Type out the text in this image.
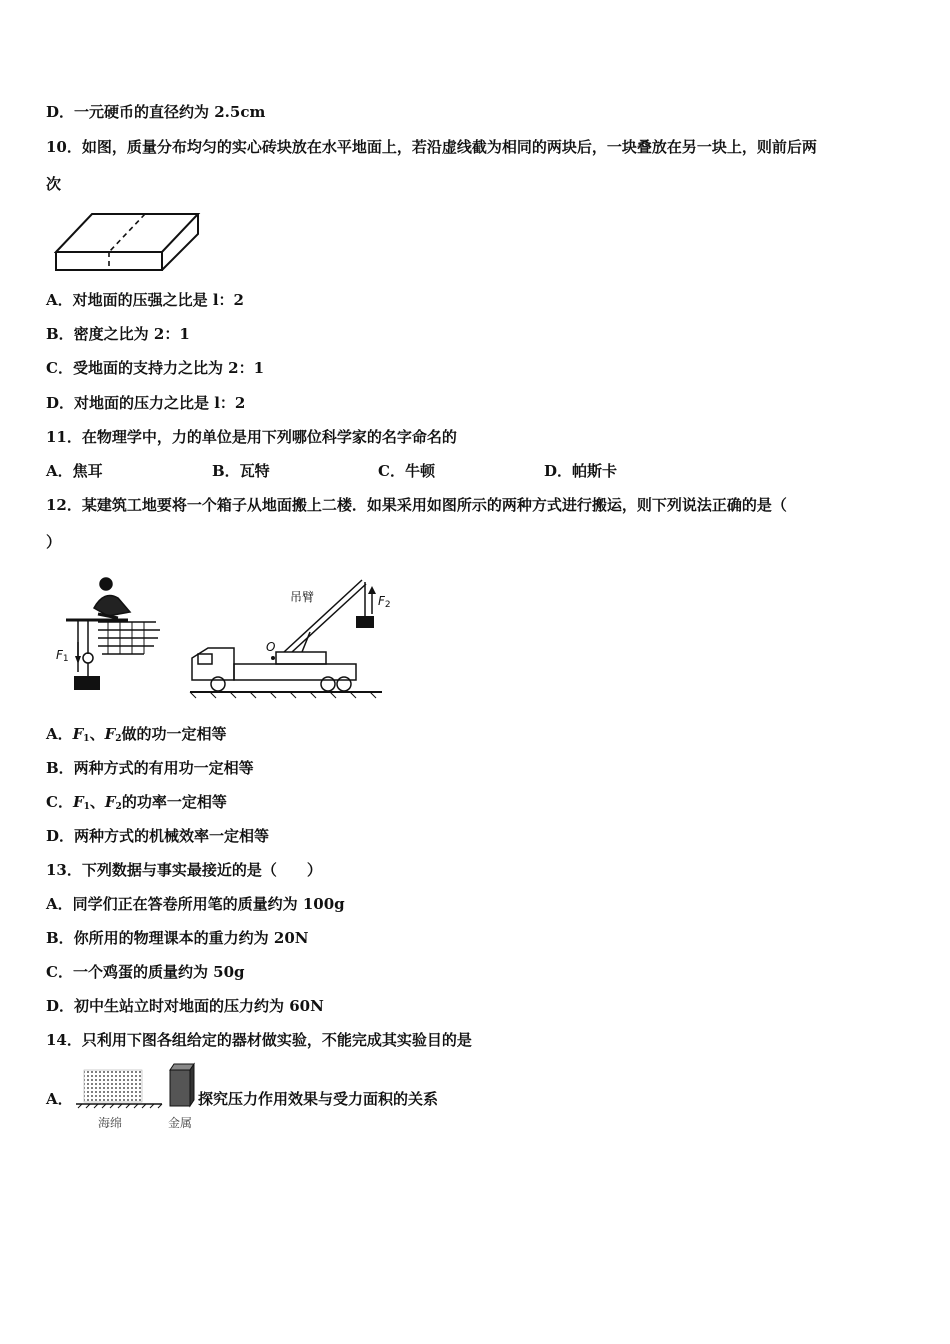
D．一元硬币的直径约为 2.5cm
10．如图，质量分布均匀的实心砖块放在水平地面上，若沿虚线截为相同的两块后，一块叠放在另一块上，则前后两
次
A．对地面的压强之比是 l：2
B．密度之比为 2：1
C．受地面的支持力之比为 2：1
D．对地面的压力之比是 l：2
11．在物理学中，力的单位是用下列哪位科学家的名字命名的
A．焦耳	B．瓦特	C．牛顿	D．帕斯卡
12．某建筑工地要将一个箱子从地面搬上二楼．如果采用如图所示的两种方式进行搬运，则下列说法正确的是（
）
$F_1$
$F_2$
吊臂
O
A．$F_1$、$F_2$做的功一定相等
B．两种方式的有用功一定相等
C．$F_1$、$F_2$的功率一定相等
D．两种方式的机械效率一定相等
13．下列数据与事实最接近的是（　　）
A．同学们正在答卷所用笔的质量约为 100g
B．你所用的物理课本的重力约为 20N
C．一个鸡蛋的质量约为 50g
D．初中生站立时对地面的压力约为 60N
14．只利用下图各组给定的器材做实验，不能完成其实验目的是
A．
海绵	金属
探究压力作用效果与受力面积的关系
